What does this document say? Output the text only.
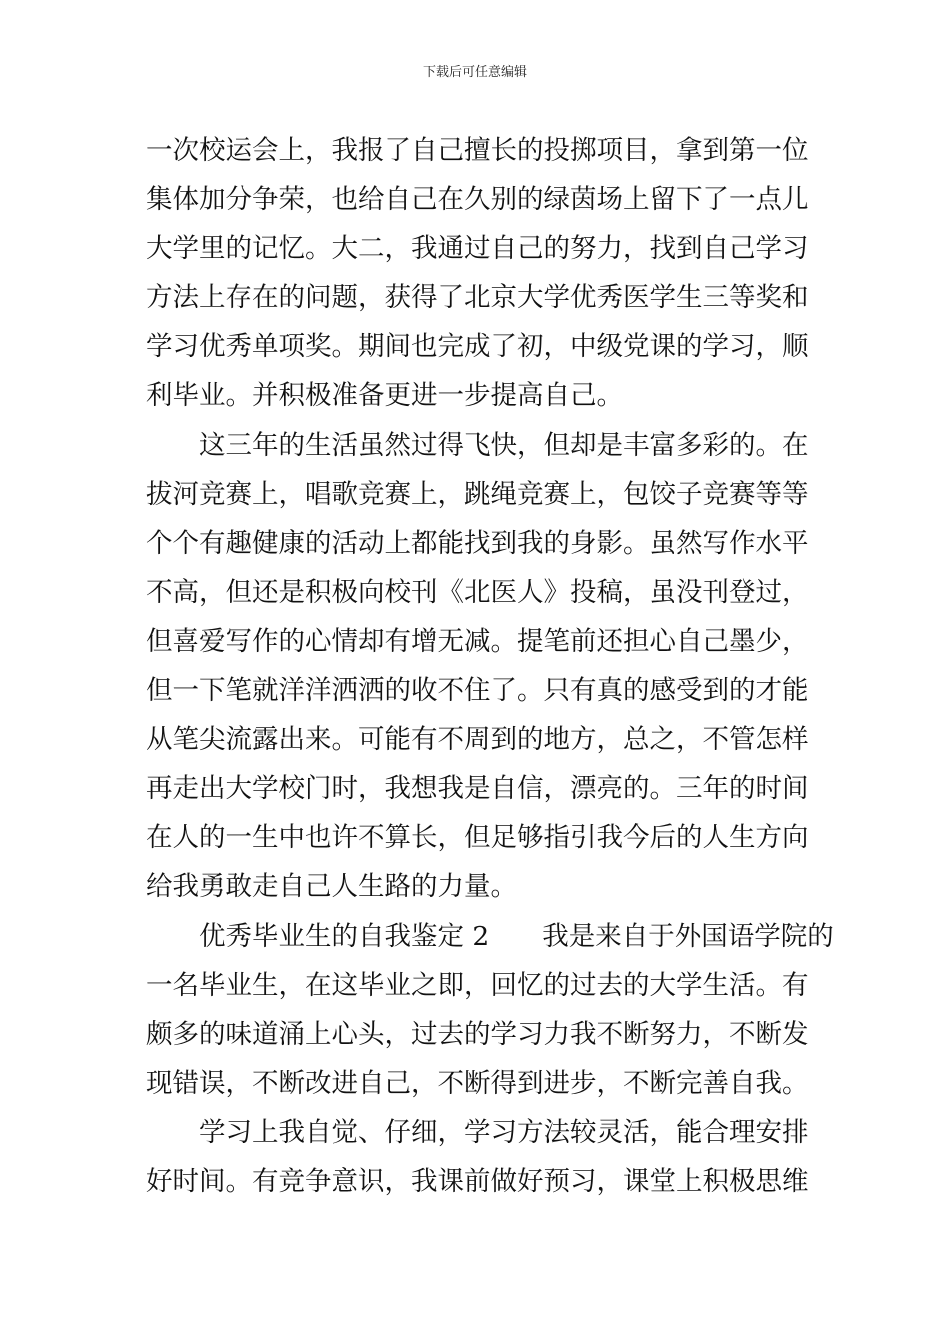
下载后可任意编辑
一次校运会上，我报了自己擅长的投掷项目，拿到第一位
集体加分争荣，也给自己在久别的绿茵场上留下了一点儿
大学里的记忆。大二，我通过自己的努力，找到自己学习
方法上存在的问题，获得了北京大学优秀医学生三等奖和
学习优秀单项奖。期间也完成了初，中级党课的学习，顺
利毕业。并积极准备更进一步提高自己。
这三年的生活虽然过得飞快，但却是丰富多彩的。在
拔河竞赛上，唱歌竞赛上，跳绳竞赛上，包饺子竞赛等等
个个有趣健康的活动上都能找到我的身影。虽然写作水平
不高，但还是积极向校刊《北医人》投稿，虽没刊登过，
但喜爱写作的心情却有增无减。提笔前还担心自己墨少，
但一下笔就洋洋洒洒的收不住了。只有真的感受到的才能
从笔尖流露出来。可能有不周到的地方，总之，不管怎样
再走出大学校门时，我想我是自信，漂亮的。三年的时间
在人的一生中也许不算长，但足够指引我今后的人生方向
给我勇敢走自己人生路的力量。
优秀毕业生的自我鉴定 2　　我是来自于外国语学院的
一名毕业生，在这毕业之即，回忆的过去的大学生活。有
颇多的味道涌上心头，过去的学习力我不断努力，不断发
现错误，不断改进自己，不断得到进步，不断完善自我。
学习上我自觉、仔细，学习方法较灵活，能合理安排
好时间。有竞争意识，我课前做好预习，课堂上积极思维
